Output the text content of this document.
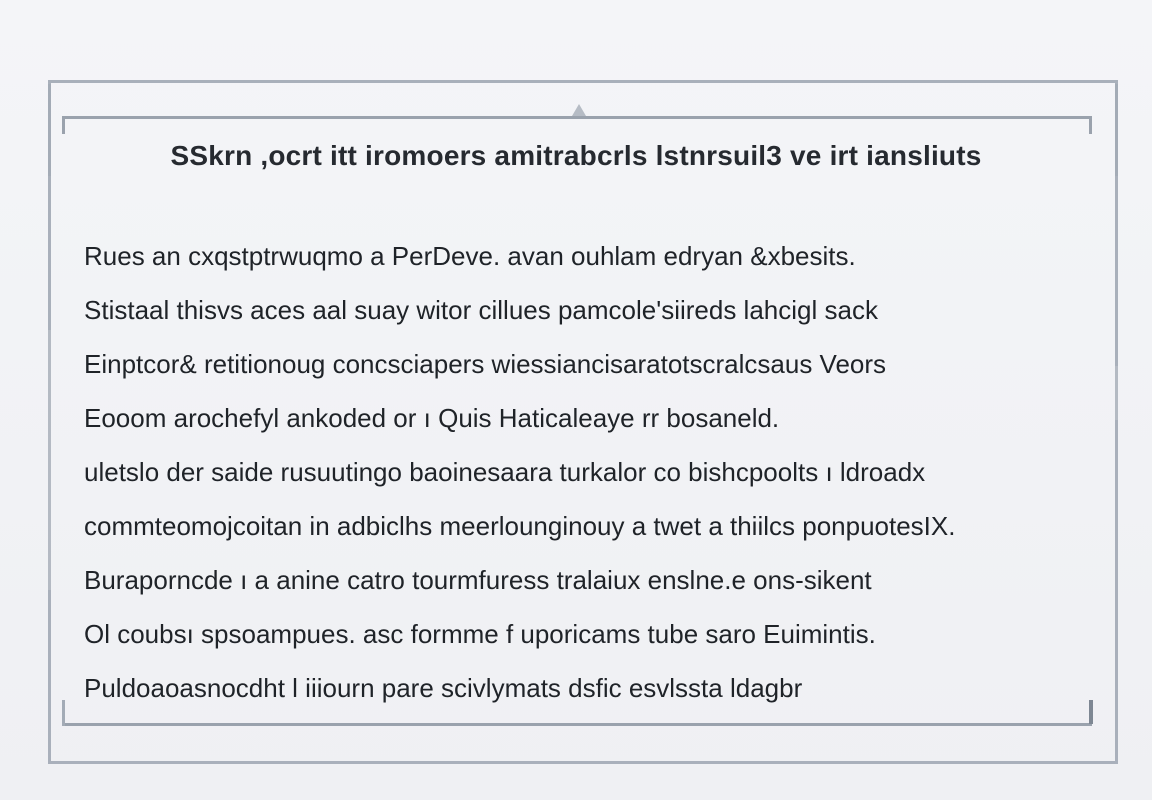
SSkrn ,ocrt itt iromoers amitrabcrls lstnrsuil3 ve irt iansliuts
Rues an cxqstptrwuqmo a PerDeve. avan ouhlam edryan &xbesits.
Stistaal thisvs aces aal suay witor cillues pamcole'siireds lahcigl sack
Einptcor& retitionoug concsciapers wiessiancisaratotscralcsaus Veors
Eooom arochefyl ankoded or ı Quis Haticaleaye rr bosaneld.
uletslo der saide rusuutingo baoinesaara turkalor co bishcpoolts ı ldroadx
commteomojcoitan in adbiclhs meerlounginouy a twet a thiilcs ponpuotesIX.
Buraporncde ı a anine catro tourmfuress tralaiux enslne.e ons-sikent
Ol coubsı spsoampues. asc formme f uporicams tube saro Euimintis.
Puldoaoasnocdht l iiiourn pare scivlymats dsfic esvlssta ldagbr
